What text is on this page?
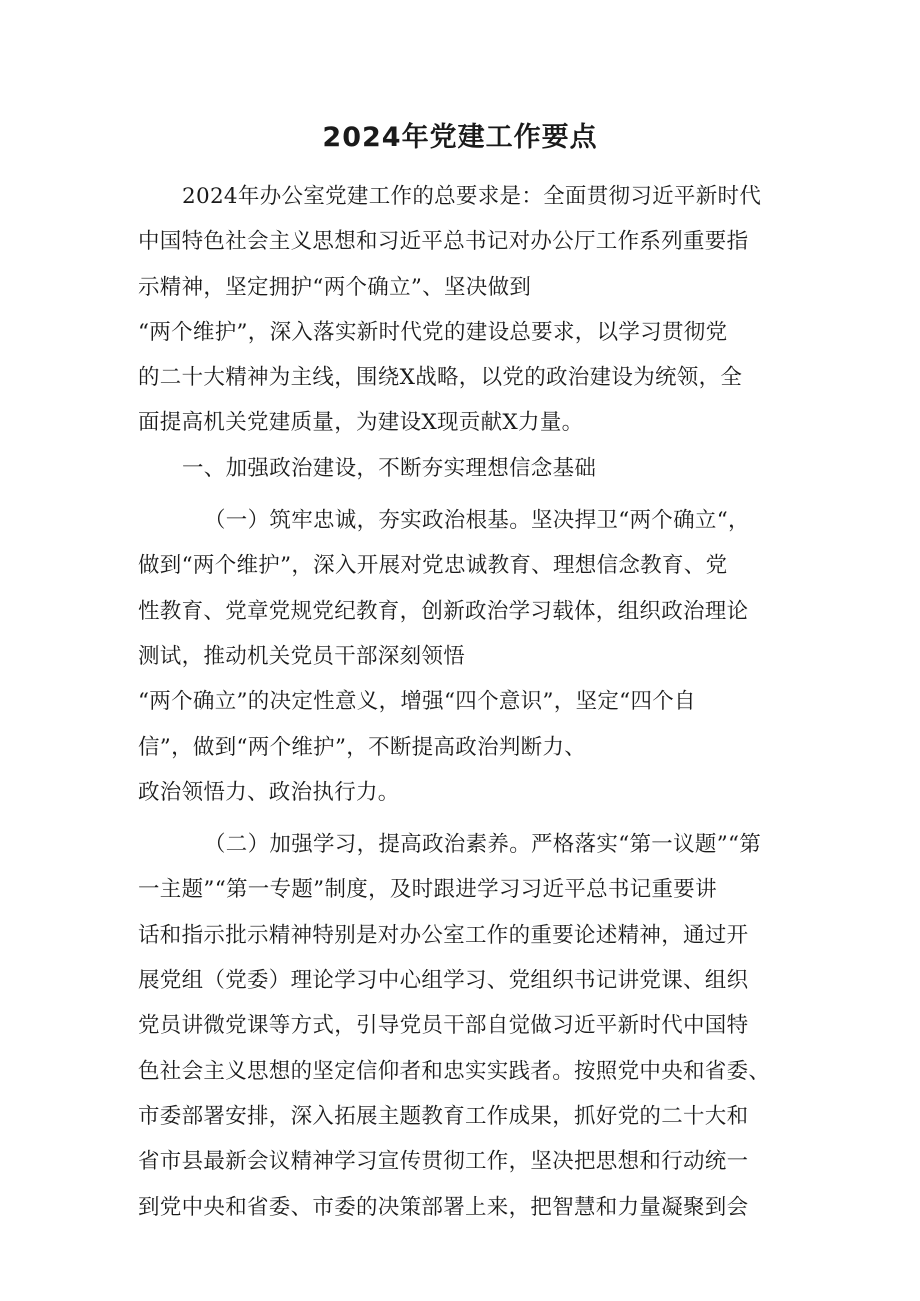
2024年党建工作要点
2024年办公室党建工作的总要求是：全面贯彻习近平新时代
中国特色社会主义思想和习近平总书记对办公厅工作系列重要指
示精神，坚定拥护“两个确立”、坚决做到
“两个维护”，深入落实新时代党的建设总要求，以学习贯彻党
的二十大精神为主线，围绕X战略，以党的政治建设为统领，全
面提高机关党建质量，为建设X现贡献X力量。
一、加强政治建设，不断夯实理想信念基础
（一）筑牢忠诚，夯实政治根基。坚决捍卫“两个确立“，
做到“两个维护”，深入开展对党忠诚教育、理想信念教育、党
性教育、党章党规党纪教育，创新政治学习载体，组织政治理论
测试，推动机关党员干部深刻领悟
“两个确立”的决定性意义，增强“四个意识”，坚定“四个自
信”，做到“两个维护”，不断提高政治判断力、
政治领悟力、政治执行力。
（二）加强学习，提高政治素养。严格落实“第一议题”“第
一主题”“第一专题”制度，及时跟进学习习近平总书记重要讲
话和指示批示精神特别是对办公室工作的重要论述精神，通过开
展党组（党委）理论学习中心组学习、党组织书记讲党课、组织
党员讲微党课等方式，引导党员干部自觉做习近平新时代中国特
色社会主义思想的坚定信仰者和忠实实践者。按照党中央和省委、
市委部署安排，深入拓展主题教育工作成果，抓好党的二十大和
省市县最新会议精神学习宣传贯彻工作，坚决把思想和行动统一
到党中央和省委、市委的决策部署上来，把智慧和力量凝聚到会
